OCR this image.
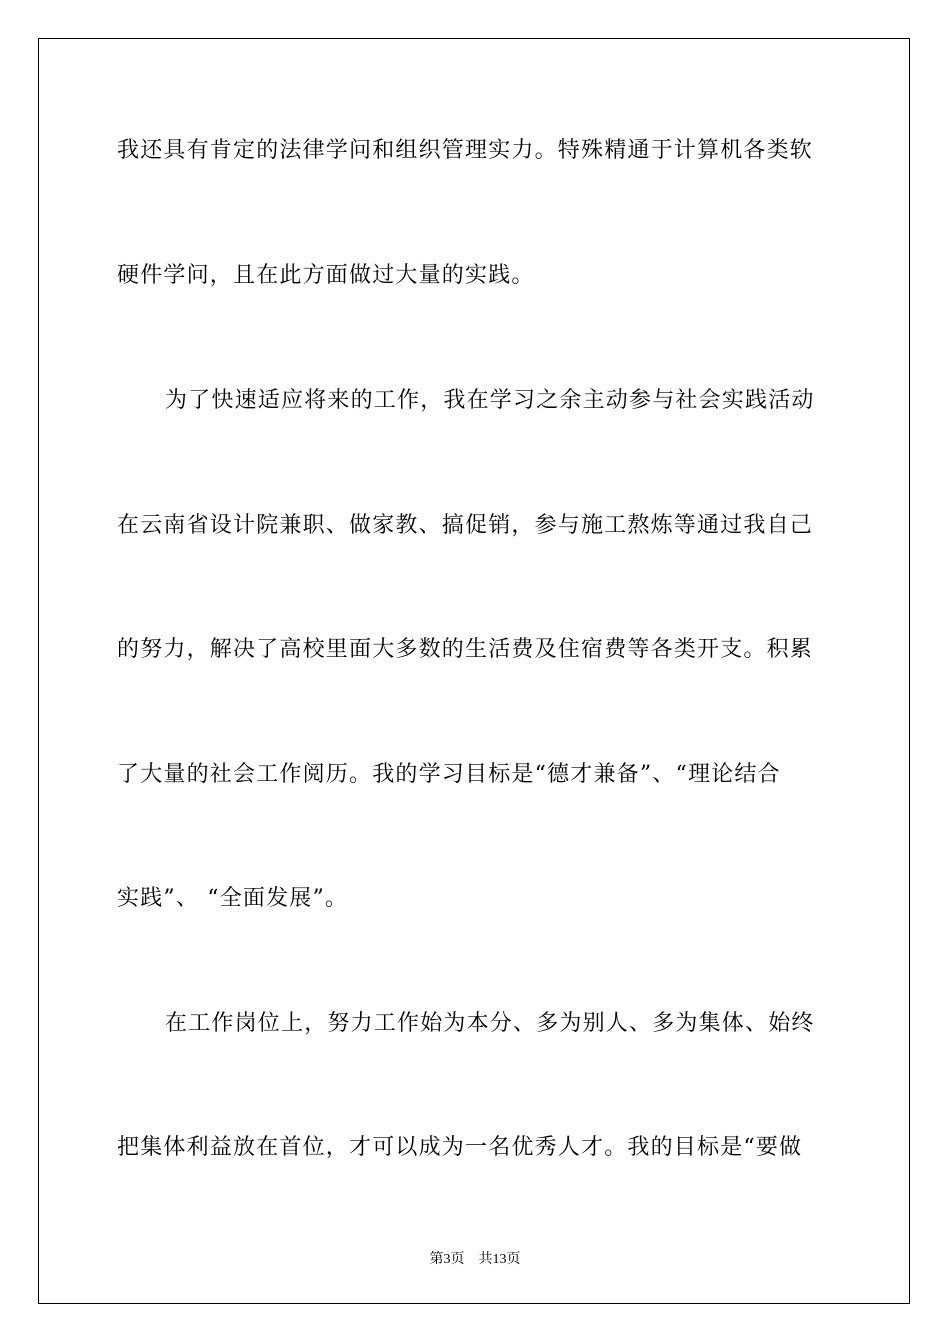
我还具有肯定的法律学问和组织管理实力。特殊精通于计算机各类软
硬件学问，且在此方面做过大量的实践。
为了快速适应将来的工作，我在学习之余主动参与社会实践活动
在云南省设计院兼职、做家教、搞促销，参与施工熬炼等通过我自己
的努力，解决了高校里面大多数的生活费及住宿费等各类开支。积累
了大量的社会工作阅历。我的学习目标是“德才兼备”、“理论结合
实践”、 “全面发展”。
在工作岗位上，努力工作始为本分、多为别人、多为集体、始终
把集体利益放在首位，才可以成为一名优秀人才。我的目标是“要做
第3页 共13页
